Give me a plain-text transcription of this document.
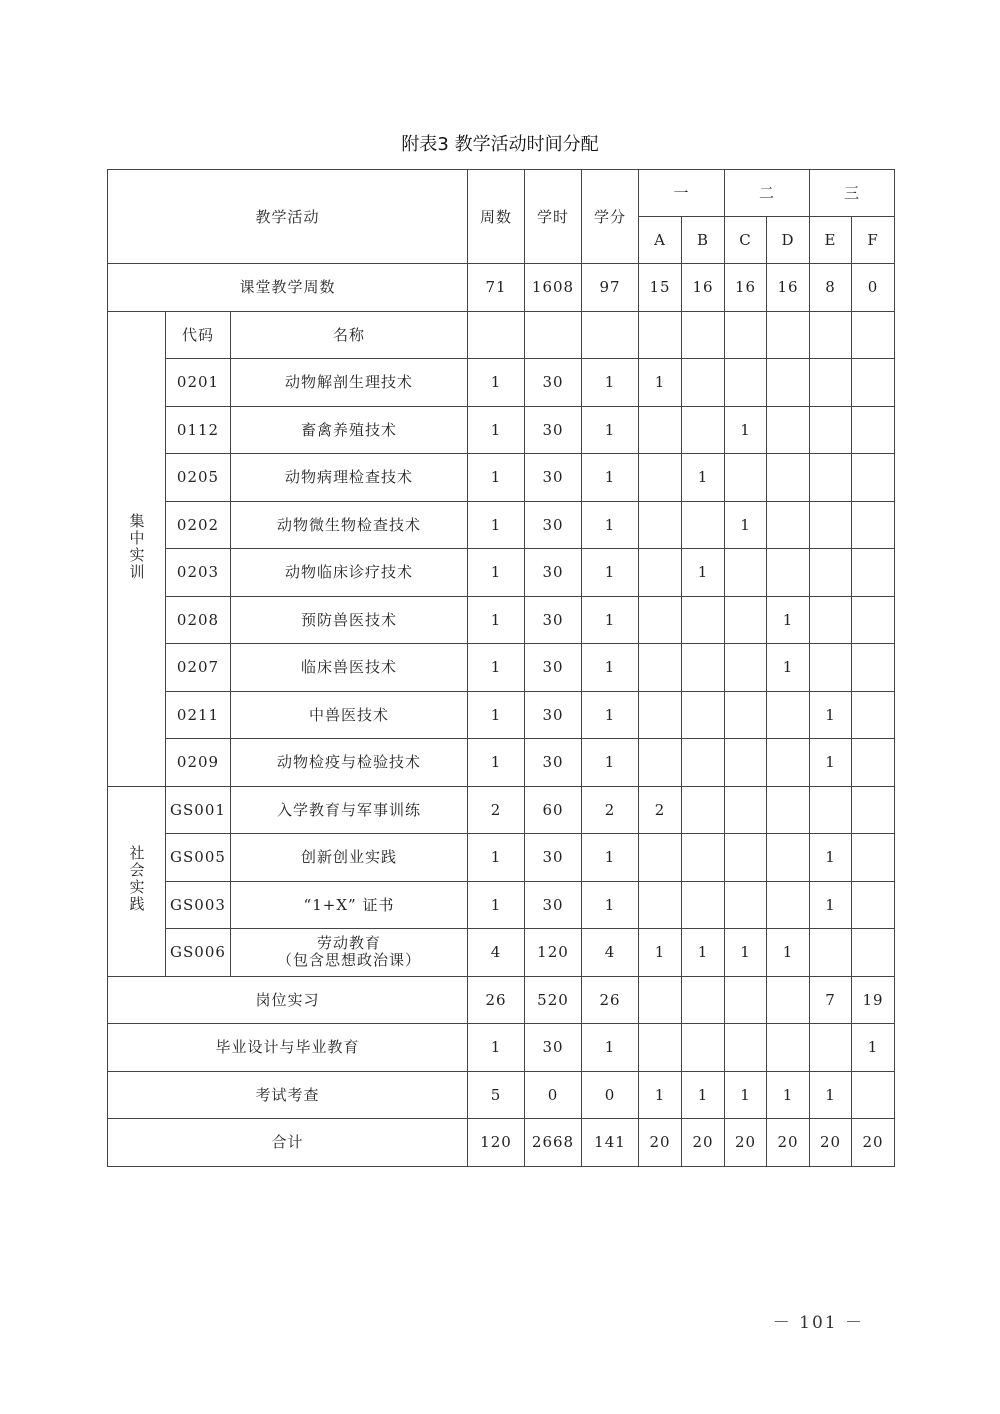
附表3 教学活动时间分配
教学活动			周数	学时	学分	一		二		三	
						A	B	C	D	E	F
课堂教学周数			71	1608	97	15	16	16	16	8	0
集中实训	代码	名称									
	0201	动物解剖生理技术	1	30	1	1					
	0112	畜禽养殖技术	1	30	1			1			
	0205	动物病理检查技术	1	30	1		1				
	0202	动物微生物检查技术	1	30	1			1			
	0203	动物临床诊疗技术	1	30	1		1				
	0208	预防兽医技术	1	30	1				1		
	0207	临床兽医技术	1	30	1				1		
	0211	中兽医技术	1	30	1					1	
	0209	动物检疫与检验技术	1	30	1					1	
社会实践	GS001	入学教育与军事训练	2	60	2	2					
	GS005	创新创业实践	1	30	1					1	
	GS003	“1+X” 证书	1	30	1					1	
	GS006	劳动教育
（包含思想政治课）	4	120	4	1	1	1	1		
岗位实习			26	520	26					7	19
毕业设计与毕业教育			1	30	1						1
考试考查			5	0	0	1	1	1	1	1	
合计			120	2668	141	20	20	20	20	20	20
－ 101 －
